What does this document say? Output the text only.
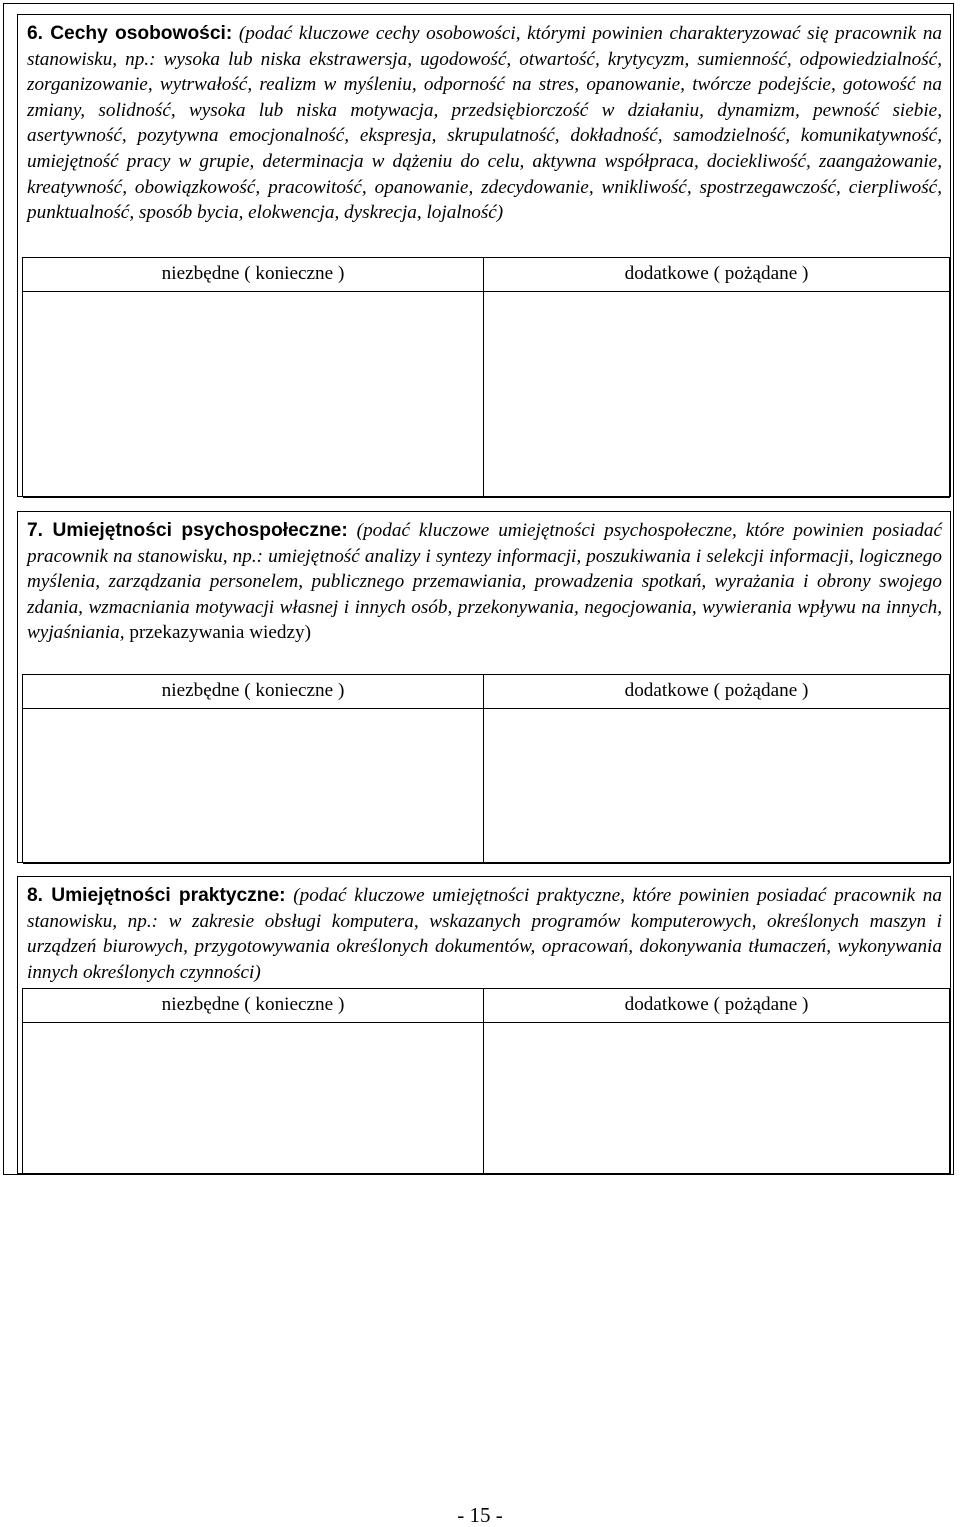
6. Cechy osobowości: (podać kluczowe cechy osobowości, którymi powinien charakteryzować się pracownik na stanowisku, np.: wysoka lub niska ekstrawersja, ugodowość, otwartość, krytycyzm, sumienność, odpowiedzialność, zorganizowanie, wytrwałość, realizm w myśleniu, odporność na stres, opanowanie, twórcze podejście, gotowość na zmiany, solidność, wysoka lub niska motywacja, przedsiębiorczość w działaniu, dynamizm, pewność siebie, asertywność, pozytywna emocjonalność, ekspresja, skrupulatność, dokładność, samodzielność, komunikatywność, umiejętność pracy w grupie, determinacja w dążeniu do celu, aktywna współpraca, dociekliwość, zaangażowanie, kreatywność, obowiązkowość, pracowitość, opanowanie, zdecydowanie, wnikliwość, spostrzegawczość, cierpliwość, punktualność, sposób bycia, elokwencja, dyskrecja, lojalność)
niezbędne ( konieczne )	dodatkowe ( pożądane )
7. Umiejętności psychospołeczne: (podać kluczowe umiejętności psychospołeczne, które powinien posiadać pracownik na stanowisku, np.: umiejętność analizy i syntezy informacji, poszukiwania i selekcji informacji, logicznego myślenia, zarządzania personelem, publicznego przemawiania, prowadzenia spotkań, wyrażania i obrony swojego zdania, wzmacniania motywacji własnej i innych osób, przekonywania, negocjowania, wywierania wpływu na innych, wyjaśniania, przekazywania wiedzy)
niezbędne ( konieczne )	dodatkowe ( pożądane )
8. Umiejętności praktyczne: (podać kluczowe umiejętności praktyczne, które powinien posiadać pracownik na stanowisku, np.: w zakresie obsługi komputera, wskazanych programów komputerowych, określonych maszyn i urządzeń biurowych, przygotowywania określonych dokumentów, opracowań, dokonywania tłumaczeń, wykonywania innych określonych czynności)
niezbędne ( konieczne )	dodatkowe ( pożądane )
- 15 -
